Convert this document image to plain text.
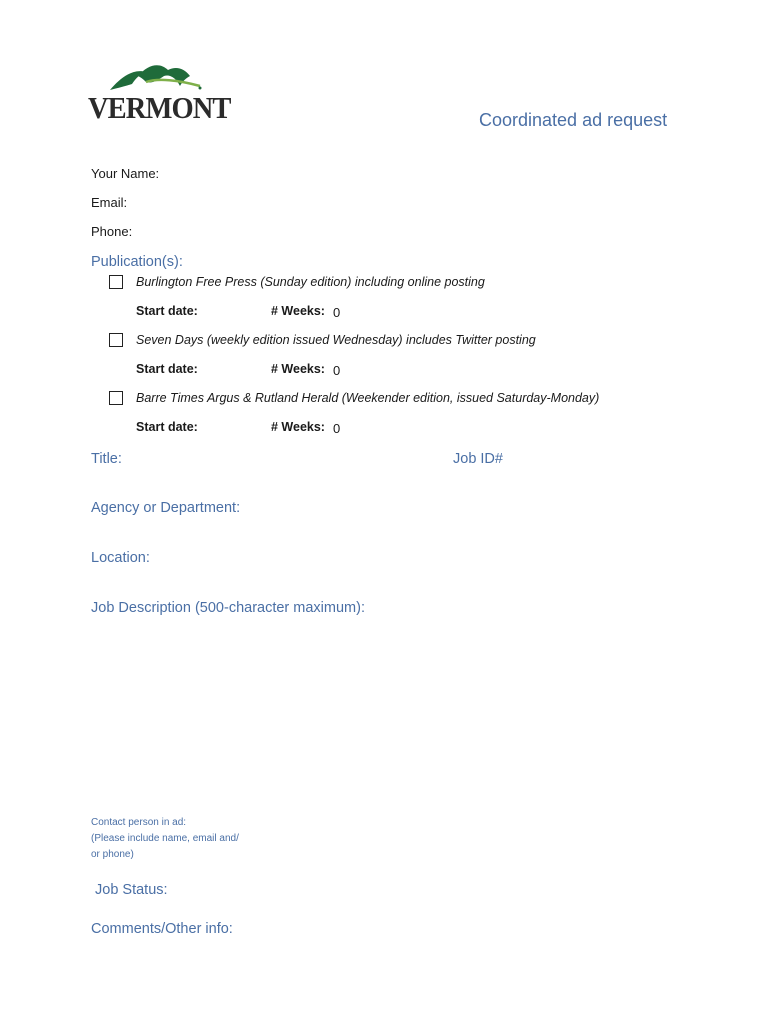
VERMONT	Coordinated ad request
Your Name:
Email:
Phone:
Publication(s):
Burlington Free Press (Sunday edition) including online posting
Start date:	# Weeks: 0
Seven Days (weekly edition issued Wednesday) includes Twitter posting
Start date:	# Weeks: 0
Barre Times Argus & Rutland Herald (Weekender edition, issued Saturday-Monday)
Start date:	# Weeks: 0
Title:	Job ID#
Agency or Department:
Location:
Job Description (500-character maximum):
Contact person in ad:
(Please include name, email and/
or phone)
Job Status:
Comments/Other info:
